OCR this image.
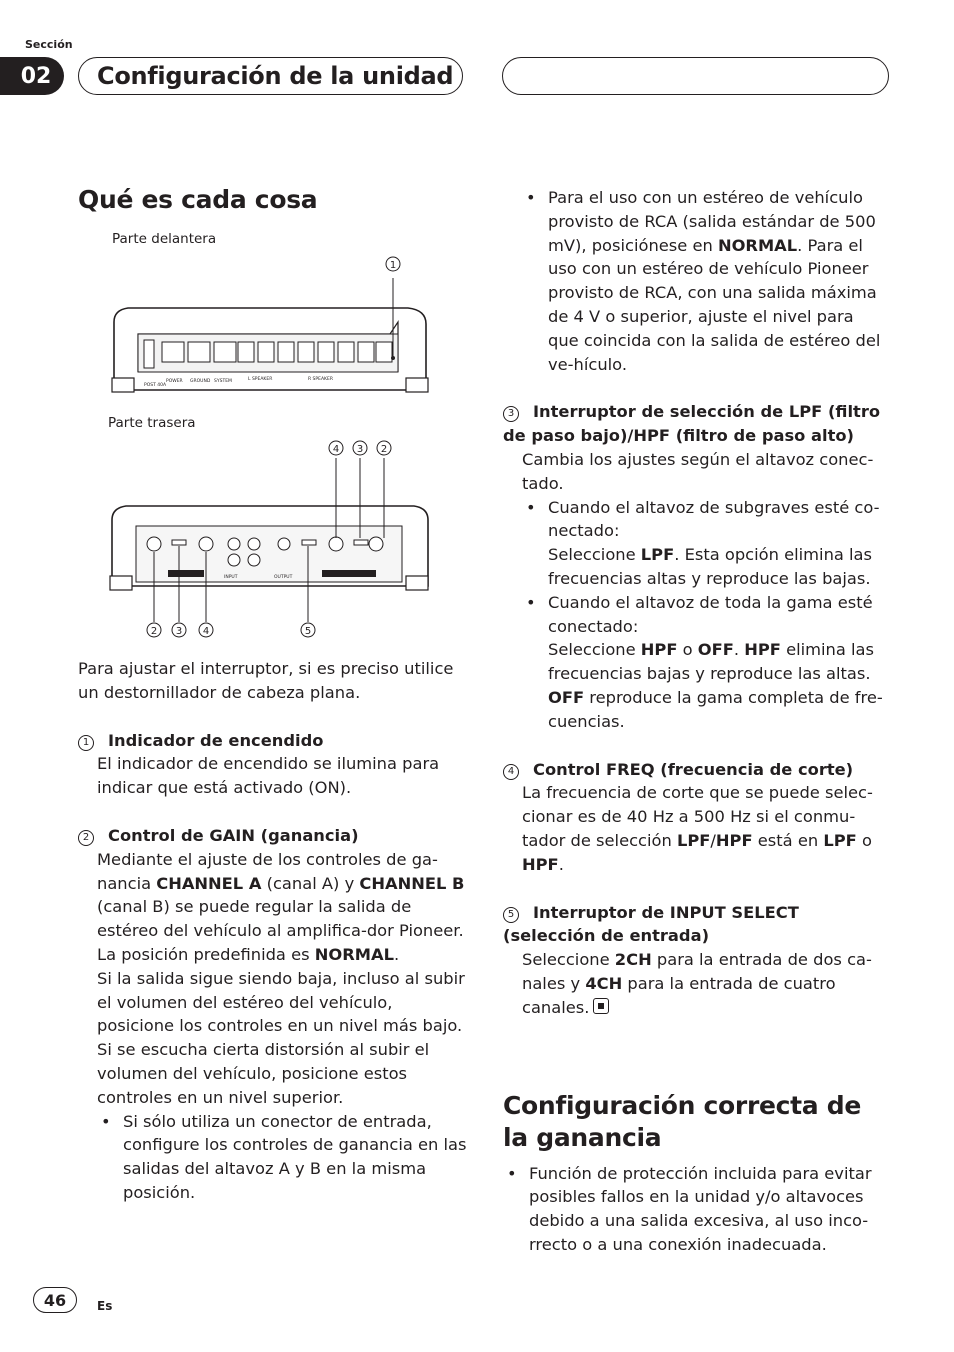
Sección
02	Configuración de la unidad
Qué es cada cosa
Parte delantera
POST 40A
POWER GROUND SYSTEM	L SPEAKER	R SPEAKER
1
Parte trasera
INPUT	OUTPUT
4 3 2
2 3 4	5

Para ajustar el interruptor, si es preciso utilice un destornillador de cabeza plana.

1 Indicador de encendido

El indicador de encendido se ilumina para indicar que está activado (ON).

2 Control de GAIN (ganancia)

Mediante el ajuste de los controles de ga-nancia CHANNEL A (canal A) y CHANNEL B (canal B) se puede regular la salida de estéreo del vehículo al amplifica-dor Pioneer. La posición predefinida es NORMAL.

Si la salida sigue siendo baja, incluso al subir el volumen del estéreo del vehículo, posicione los controles en un nivel más bajo. Si se escucha cierta distorsión al subir el volumen del vehículo, posicione estos controles en un nivel superior.

• Si sólo utiliza un conector de entrada, configure los controles de ganancia en las salidas del altavoz A y B en la misma posición.

• Para el uso con un estéreo de vehículo provisto de RCA (salida estándar de 500 mV), posiciónese en NORMAL. Para el uso con un estéreo de vehículo Pioneer provisto de RCA, con una salida máxima de 4 V o superior, ajuste el nivel para que coincida con la salida de estéreo del ve-hículo.

3 Interruptor de selección de LPF (filtro de paso bajo)/HPF (filtro de paso alto)

Cambia los ajustes según el altavoz conec-tado.

• Cuando el altavoz de subgraves esté co-nectado:
Seleccione LPF. Esta opción elimina las frecuencias altas y reproduce las bajas.
• Cuando el altavoz de toda la gama esté conectado:
Seleccione HPF o OFF. HPF elimina las frecuencias bajas y reproduce las altas. OFF reproduce la gama completa de fre-cuencias.
4 Control FREQ (frecuencia de corte)

La frecuencia de corte que se puede selec-cionar es de 40 Hz a 500 Hz si el conmu-tador de selección LPF/HPF está en LPF o HPF.

5 Interruptor de INPUT SELECT (selección de entrada)

Seleccione 2CH para la entrada de dos ca-nales y 4CH para la entrada de cuatro canales.

Configuración correcta de la ganancia

• Función de protección incluida para evitar posibles fallos en la unidad y/o altavoces debido a una salida excesiva, al uso inco-rrecto o a una conexión inadecuada.

46	Es
